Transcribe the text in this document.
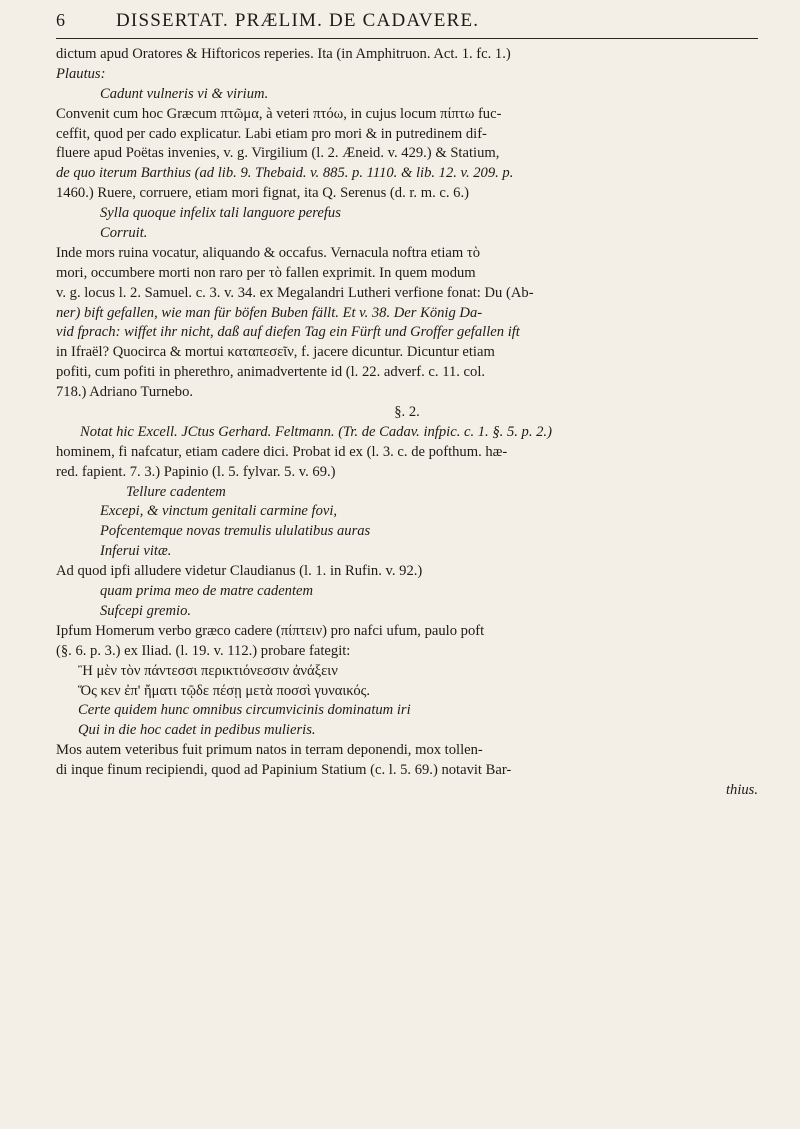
6	DISSERTAT. PRÆLIM. DE CADAVERE.
dictum apud Oratores & Hiftoricos reperies. Ita (in Amphitruon. Act. 1. fc. 1.)
Plautus:
Cadunt vulneris vi & virium.
Convenit cum hoc Græcum πτῶμα, à veteri πτόω, in cujus locum πίπτω fuc-
ceffit, quod per cado explicatur. Labi etiam pro mori & in putredinem dif-
fluere apud Poëtas invenies, v. g. Virgilium (l. 2. Æneid. v. 429.) & Statium,
de quo iterum Barthius (ad lib. 9. Thebaid. v. 885. p. 1110. & lib. 12. v. 209. p.
1460.) Ruere, corruere, etiam mori fignat, ita Q. Serenus (d. r. m. c. 6.)
Sylla quoque infelix tali languore perefus
Corruit.
Inde mors ruina vocatur, aliquando & occafus. Vernacula noftra etiam τὸ
mori, occumbere morti non raro per τὸ fallen exprimit. In quem modum
v. g. locus l. 2. Samuel. c. 3. v. 34. ex Megalandri Lutheri verfione fonat: Du (Ab-
ner) bift gefallen, wie man für böfen Buben fällt. Et v. 38. Der König Da-
vid fprach: wiffet ihr nicht, daß auf diefen Tag ein Fürft und Groffer gefallen ift
in Ifraël? Quocirca & mortui καταπεσεῖν, f. jacere dicuntur. Dicuntur etiam
pofiti, cum pofiti in pherethro, animadvertente id (l. 22. adverf. c. 11. col.
718.) Adriano Turnebo.
§. 2.
Notat hic Excell. JCtus Gerhard. Feltmann. (Tr. de Cadav. infpic. c. 1. §. 5. p. 2.)
hominem, fi nafcatur, etiam cadere dici. Probat id ex (l. 3. c. de pofthum. hæ-
red. fapient. 7. 3.) Papinio (l. 5. fylvar. 5. v. 69.)
Tellure cadentem
Excepi, & vinctum genitali carmine fovi,
Pofcentemque novas tremulis ululatibus auras
Inferui vitæ.
Ad quod ipfi alludere videtur Claudianus (l. 1. in Rufin. v. 92.)
quam prima meo de matre cadentem
Sufcepi gremio.
Ipfum Homerum verbo græco cadere (πίπτειν) pro nafci ufum, paulo poft
(§. 6. p. 3.) ex Iliad. (l. 19. v. 112.) probare fategit:
Ἢ μὲν τὸν πάντεσσι περικτιόνεσσιν ἀνάξειν
Ὅς κεν ἐπ' ἤματι τῷδε πέσῃ μετὰ ποσσὶ γυναικός.
Certe quidem hunc omnibus circumvicinis dominatum iri
Qui in die hoc cadet in pedibus mulieris.
Mos autem veteribus fuit primum natos in terram deponendi, mox tollen-
di inque finum recipiendi, quod ad Papinium Statium (c. l. 5. 69.) notavit Bar-
thius.
